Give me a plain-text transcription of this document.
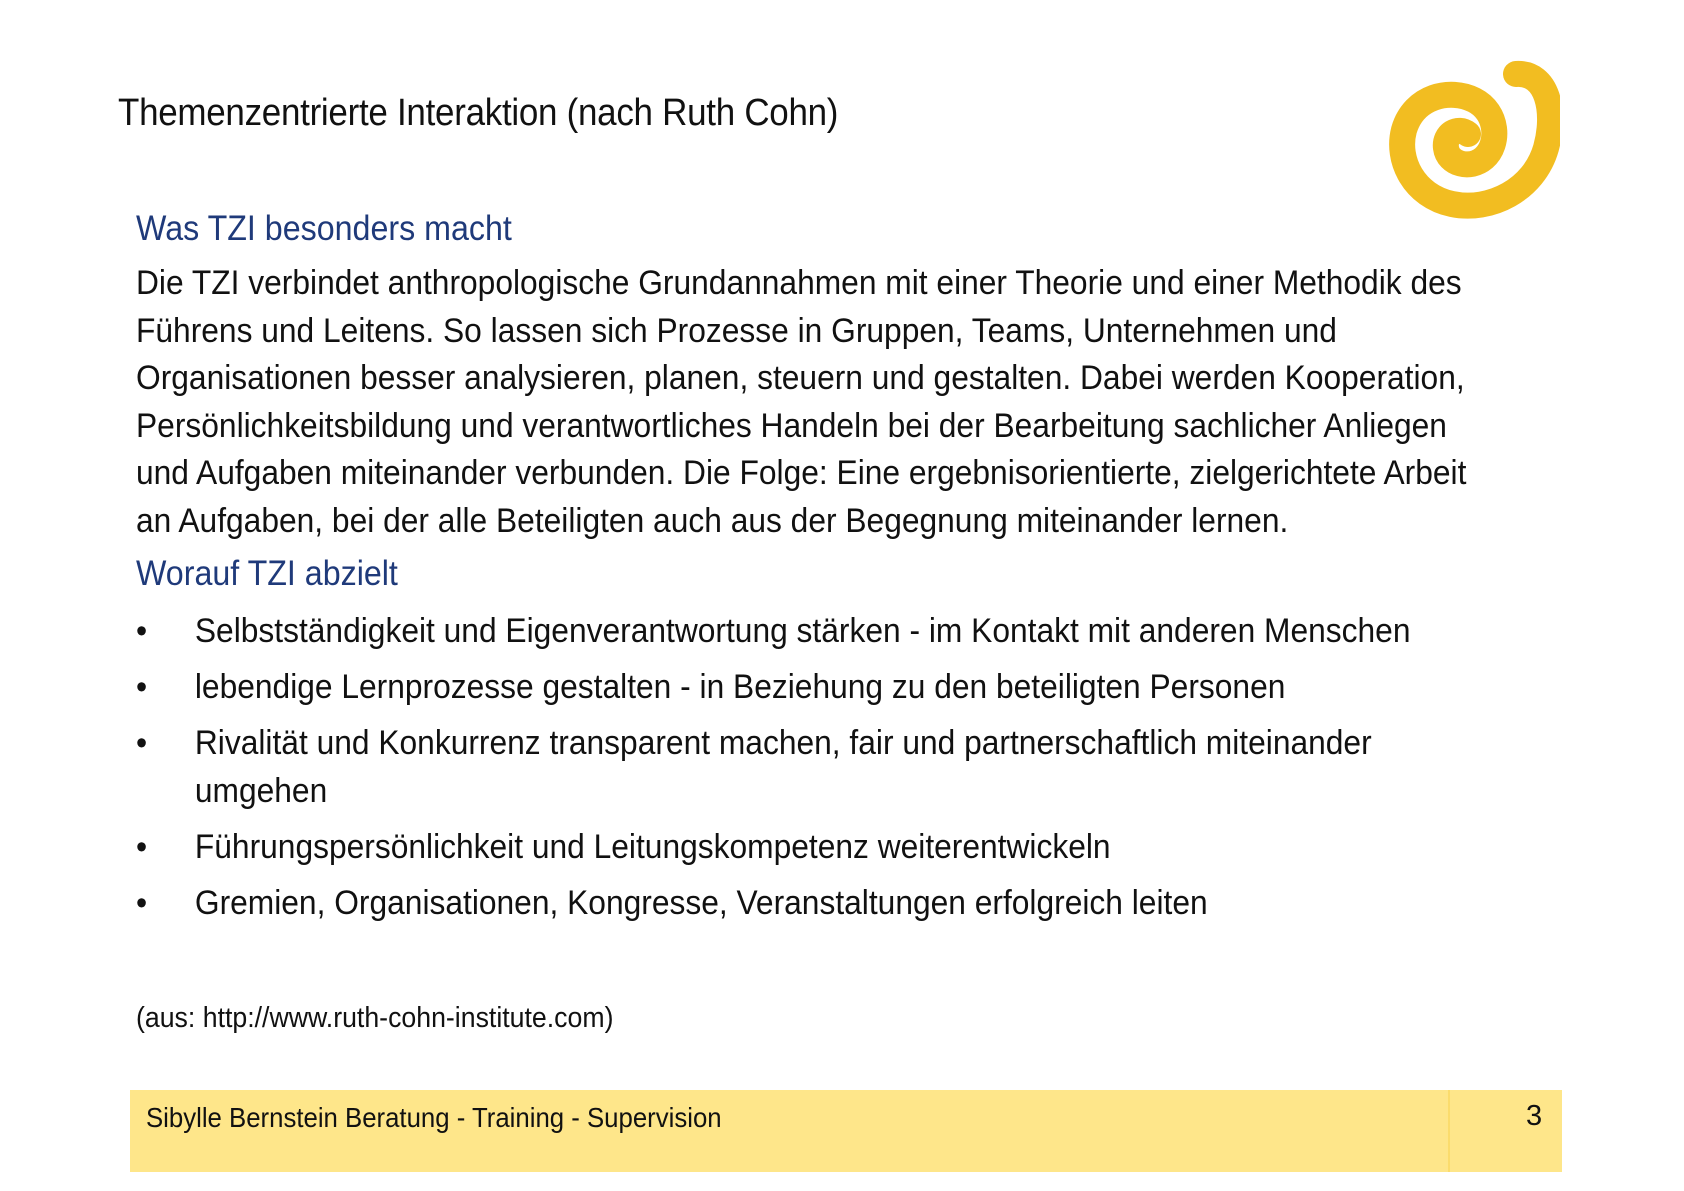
Themenzentrierte Interaktion (nach Ruth Cohn)
Was TZI besonders macht
Die TZI verbindet anthropologische Grundannahmen mit einer Theorie und einer Methodik des
Führens und Leitens. So lassen sich Prozesse in Gruppen, Teams, Unternehmen und
Organisationen besser analysieren, planen, steuern und gestalten. Dabei werden Kooperation,
Persönlichkeitsbildung und verantwortliches Handeln bei der Bearbeitung sachlicher Anliegen
und Aufgaben miteinander verbunden. Die Folge: Eine ergebnisorientierte, zielgerichtete Arbeit
an Aufgaben, bei der alle Beteiligten auch aus der Begegnung miteinander lernen.
Worauf TZI abzielt
• Selbstständigkeit und Eigenverantwortung stärken - im Kontakt mit anderen Menschen
• lebendige Lernprozesse gestalten - in Beziehung zu den beteiligten Personen
• Rivalität und Konkurrenz transparent machen, fair und partnerschaftlich miteinander
umgehen
• Führungspersönlichkeit und Leitungskompetenz weiterentwickeln
• Gremien, Organisationen, Kongresse, Veranstaltungen erfolgreich leiten
(aus: http://www.ruth-cohn-institute.com)
Sibylle Bernstein Beratung - Training - Supervision	3
